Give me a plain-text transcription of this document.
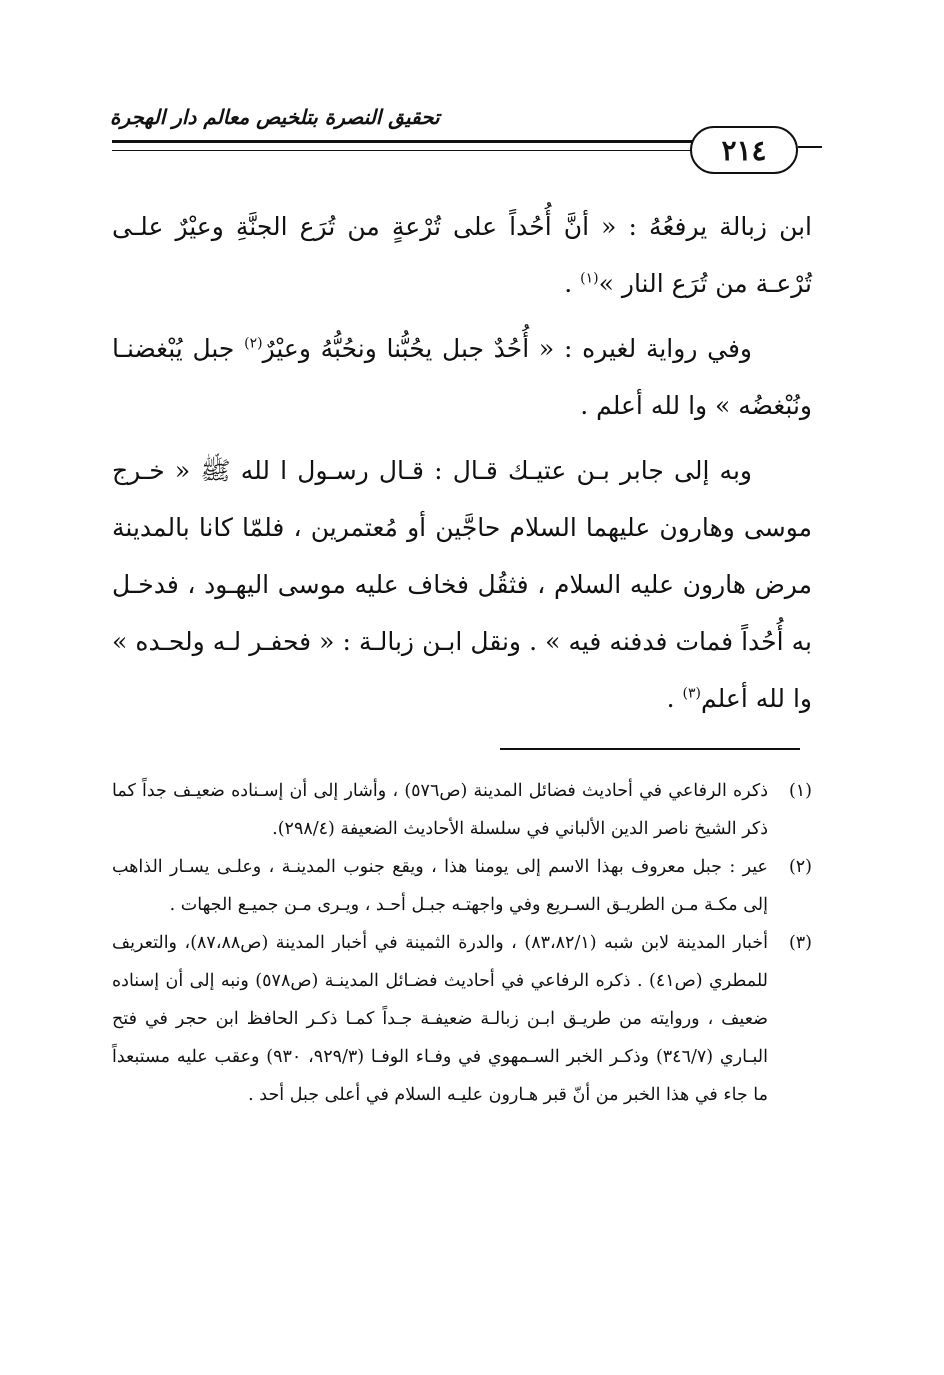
تحقيق النصرة بتلخيص معالم دار الهجرة
٢١٤

ابن زبالة يرفعُهُ : « أنَّ أُحُداً على تُرْعةٍ من تُرَع الجنَّةِ وعيْرٌ علـى تُرْعـة من تُرَع النار »$^{(١)}$ .

وفي رواية لغيره : « أُحُدٌ جبل يحُبُّنا ونحُبُّهُ وعيْرٌ$^{(٢)}$ جبل يُبْغضنـا ونُبْغضُه » وا لله أعلم .

وبه إلى جابر بـن عتيـك قـال : قـال رسـول ا لله ﷺ « خـرج موسى وهارون عليهما السلام حاجَّين أو مُعتمرين ، فلمّا كانا بالمدينة مرض هارون عليه السلام ، فثقُل فخاف عليه موسى اليهـود ، فدخـل به أُحُداً فمات فدفنه فيه » . ونقل ابـن زبالـة : « فحفـر لـه ولحـده » وا لله أعلم$^{(٣)}$ .

(١)
ذكره الرفاعي في أحاديث فضائل المدينة (ص٥٧٦) ، وأشار إلى أن إسـناده ضعيـف جداً كما ذكر الشيخ ناصر الدين الألباني في سلسلة الأحاديث الضعيفة (٢٩٨/٤).
(٢)
عير : جبل معروف بهذا الاسم إلى يومنا هذا ، ويقع جنوب المدينـة ، وعلـى يسـار الذاهب إلى مكـة مـن الطريـق السـريع وفي واجهتـه جبـل أحـد ، ويـرى مـن جميـع الجهات .
(٣)
أخبار المدينة لابن شبه (٨٣،٨٢/١) ، والدرة الثمينة في أخبار المدينة (ص٨٧،٨٨)، والتعريف للمطري (ص٤١) . ذكره الرفاعي في أحاديث فضـائل المدينـة (ص٥٧٨) ونبه إلى أن إسناده ضعيف ، وروايته من طريـق ابـن زبالـة ضعيفـة جـداً كمـا ذكـر الحافظ ابن حجر في فتح البـاري (٣٤٦/٧) وذكـر الخبر السـمهوي في وفـاء الوفـا (٩٢٩/٣، ٩٣٠) وعقب عليه مستبعداً ما جاء في هذا الخبر من أنّ قبر هـارون عليـه السلام في أعلى جبل أحد .
